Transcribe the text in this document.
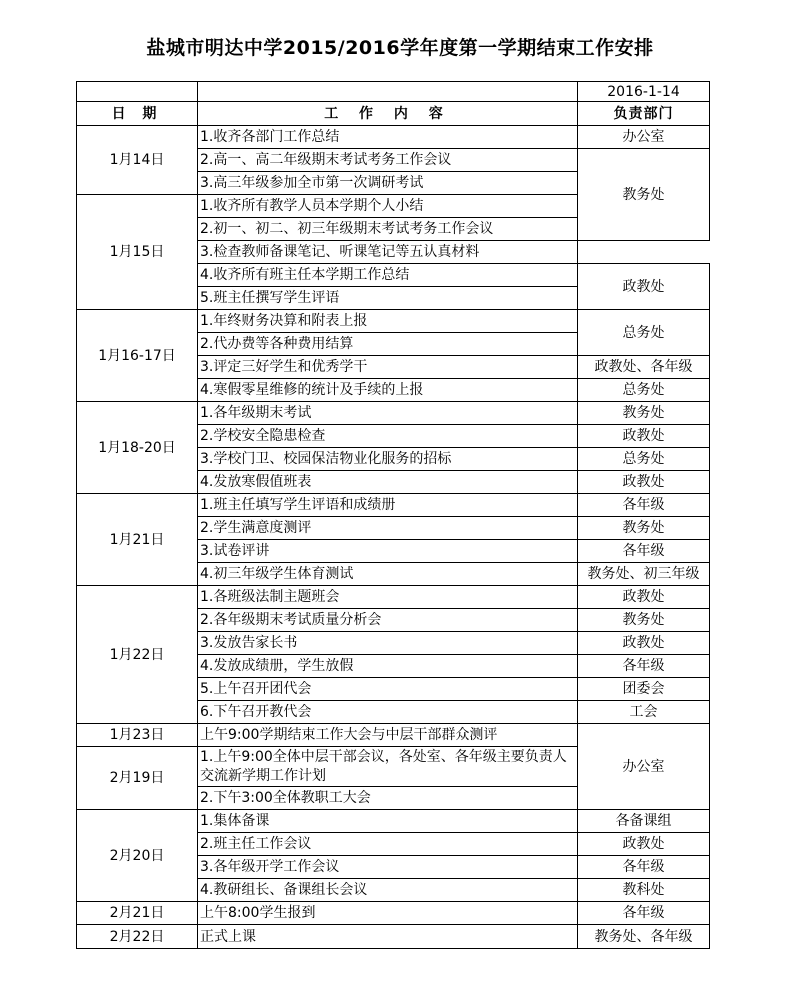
盐城市明达中学2015/2016学年度第一学期结束工作安排
		2016-1-14
日 期	工 作 内 容	负责部门
1月14日	1.收齐各部门工作总结	办公室
	2.高一、高二年级期末考试考务工作会议	教务处
	3.高三年级参加全市第一次调研考试	
1月15日	1.收齐所有教学人员本学期个人小结	
	2.初一、初二、初三年级期末考试考务工作会议	
	3.检查教师备课笔记、听课笔记等五认真材料	
	4.收齐所有班主任本学期工作总结	政教处
	5.班主任撰写学生评语	
1月16-17日	1.年终财务决算和附表上报	总务处
	2.代办费等各种费用结算	
	3.评定三好学生和优秀学干	政教处、各年级
	4.寒假零星维修的统计及手续的上报	总务处
1月18-20日	1.各年级期末考试	教务处
	2.学校安全隐患检查	政教处
	3.学校门卫、校园保洁物业化服务的招标	总务处
	4.发放寒假值班表	政教处
1月21日	1.班主任填写学生评语和成绩册	各年级
	2.学生满意度测评	教务处
	3.试卷评讲	各年级
	4.初三年级学生体育测试	教务处、初三年级
1月22日	1.各班级法制主题班会	政教处
	2.各年级期末考试质量分析会	教务处
	3.发放告家长书	政教处
	4.发放成绩册，学生放假	各年级
	5.上午召开团代会	团委会
	6.下午召开教代会	工会
1月23日	上午9:00学期结束工作大会与中层干部群众测评	办公室
2月19日	1.上午9:00全体中层干部会议，各处室、各年级主要负责人交流新学期工作计划	
	2.下午3:00全体教职工大会	
2月20日	1.集体备课	各备课组
	2.班主任工作会议	政教处
	3.各年级开学工作会议	各年级
	4.教研组长、备课组长会议	教科处
2月21日	上午8:00学生报到	各年级
2月22日	正式上课	教务处、各年级
